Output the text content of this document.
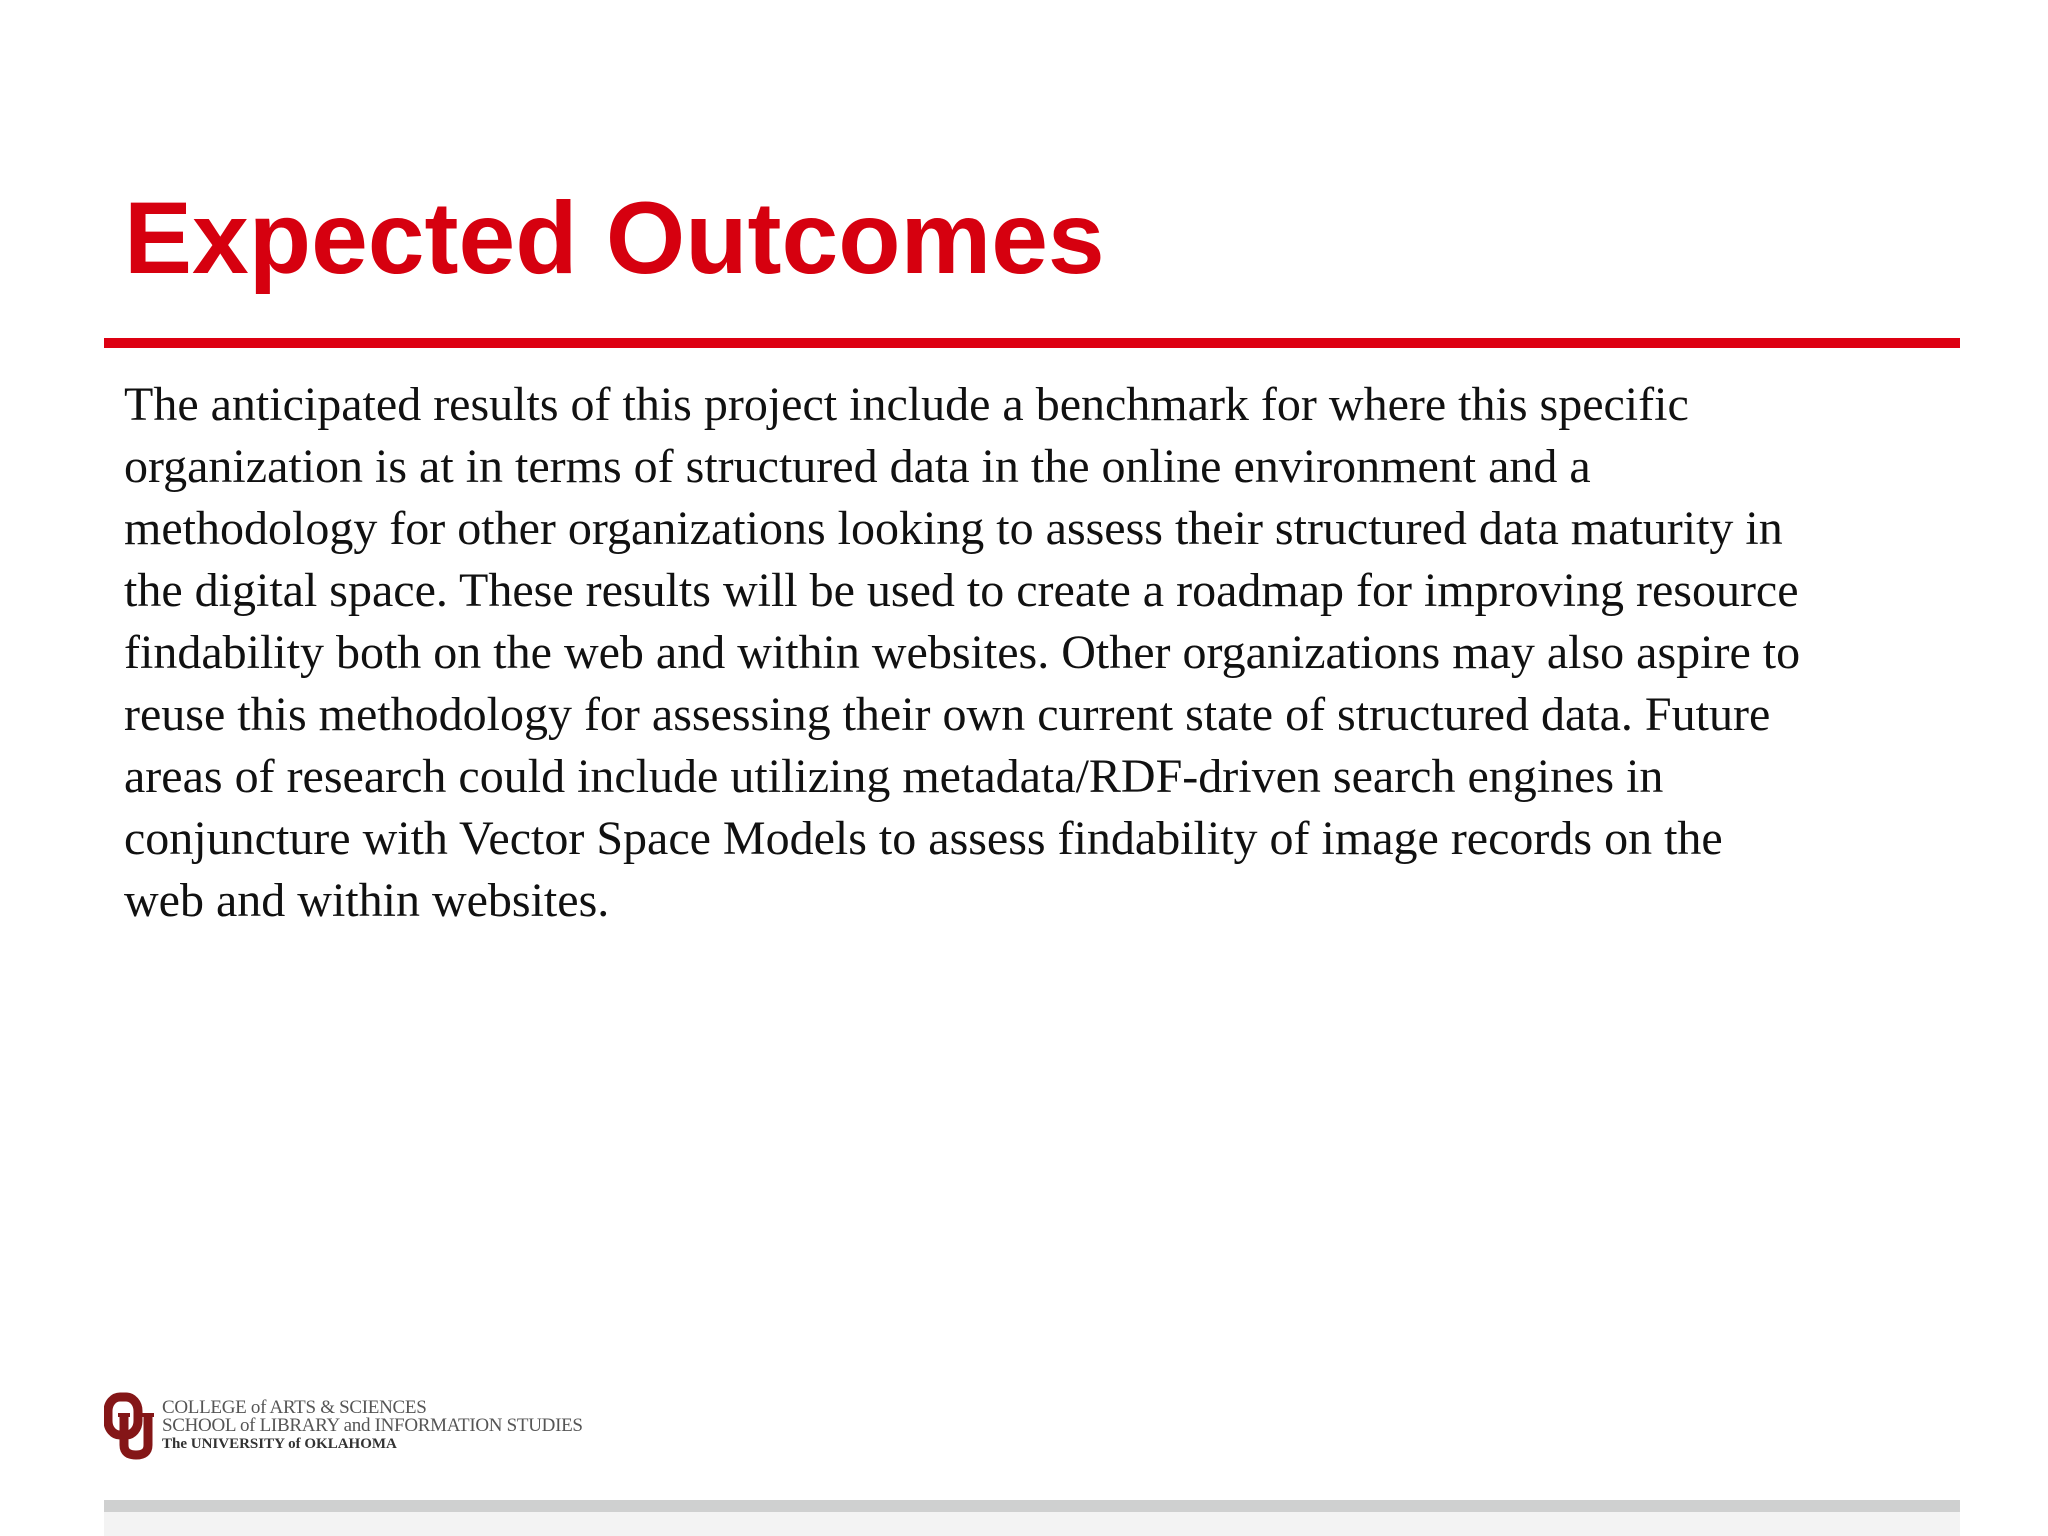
Expected Outcomes

The anticipated results of this project include a benchmark for where this specific
organization is at in terms of structured data in the online environment and a
methodology for other organizations looking to assess their structured data maturity in
the digital space. These results will be used to create a roadmap for improving resource
findability both on the web and within websites. Other organizations may also aspire to
reuse this methodology for assessing their own current state of structured data. Future
areas of research could include utilizing metadata/RDF-driven search engines in
conjuncture with Vector Space Models to assess findability of image records on the
web and within websites.

COLLEGE of ARTS & SCIENCES
SCHOOL of LIBRARY and INFORMATION STUDIES
The UNIVERSITY of OKLAHOMA
